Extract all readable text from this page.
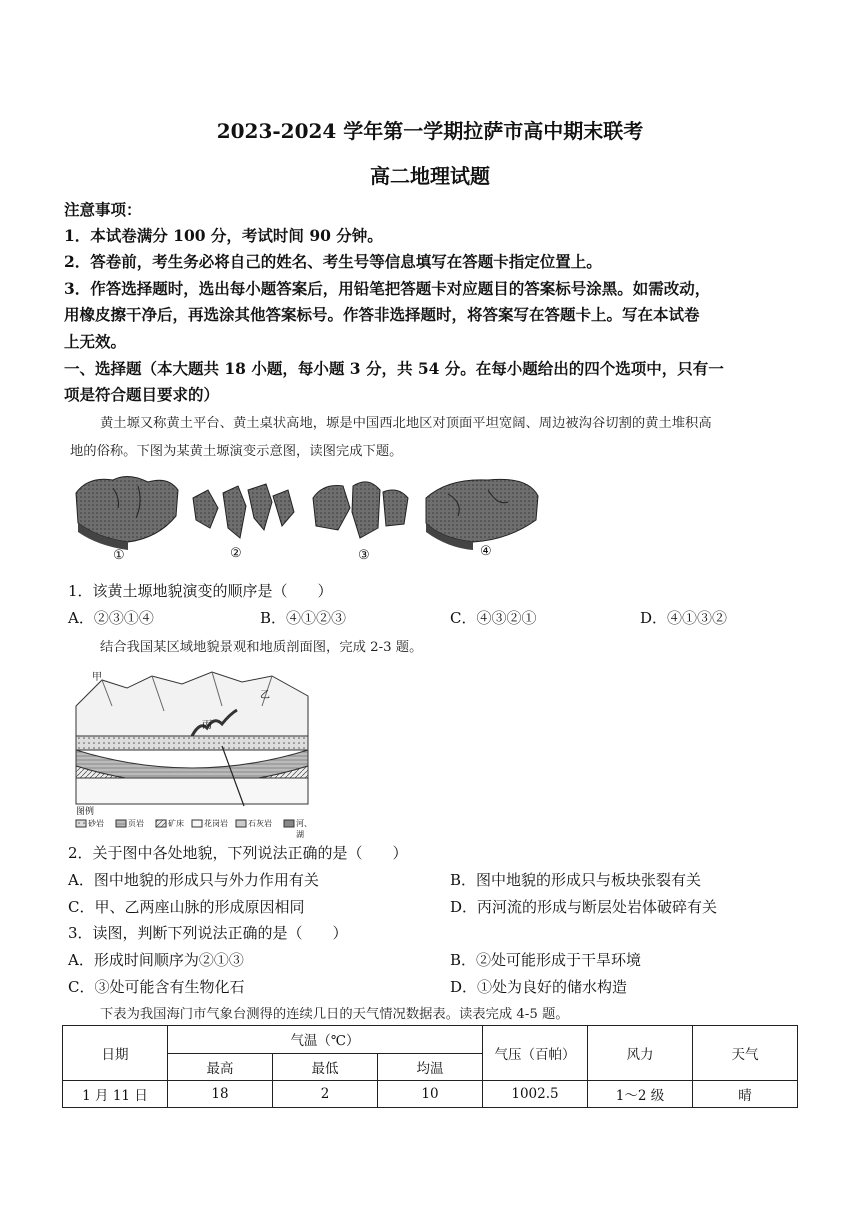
2023-2024 学年第一学期拉萨市高中期末联考
高二地理试题
注意事项：
1．本试卷满分 100 分，考试时间 90 分钟。
2．答卷前，考生务必将自己的姓名、考生号等信息填写在答题卡指定位置上。
3．作答选择题时，选出每小题答案后，用铅笔把答题卡对应题目的答案标号涂黑。如需改动，
用橡皮擦干净后，再选涂其他答案标号。作答非选择题时，将答案写在答题卡上。写在本试卷
上无效。
一、选择题（本大题共 18 小题，每小题 3 分，共 54 分。在每小题给出的四个选项中，只有一
项是符合题目要求的）
黄土塬又称黄土平台、黄土桌状高地，塬是中国西北地区对顶面平坦宽阔、周边被沟谷切割的黄土堆积高
地的俗称。下图为某黄土塬演变示意图，读图完成下题。
①	②	③	④
1．该黄土塬地貌演变的顺序是（　　）
A．②③①④	B．④①②③	C．④③②①	D．④①③②
结合我国某区域地貌景观和地质剖面图，完成 2-3 题。
甲
乙
丙
图例
砂岩	页岩	矿床	花岗岩	石灰岩	河、湖
2．关于图中各处地貌，下列说法正确的是（　　）
A．图中地貌的形成只与外力作用有关	B．图中地貌的形成只与板块张裂有关
C．甲、乙两座山脉的形成原因相同	D．丙河流的形成与断层处岩体破碎有关
3．读图，判断下列说法正确的是（　　）
A．形成时间顺序为②①③	B．②处可能形成于干旱环境
C．③处可能含有生物化石	D．①处为良好的储水构造
下表为我国海门市气象台测得的连续几日的天气情况数据表。读表完成 4-5 题。
日期	气温（℃）			气压（百帕）	风力	天气
	最高	最低	均温			
1 月 11 日	18	2	10	1002.5	1～2 级	晴
